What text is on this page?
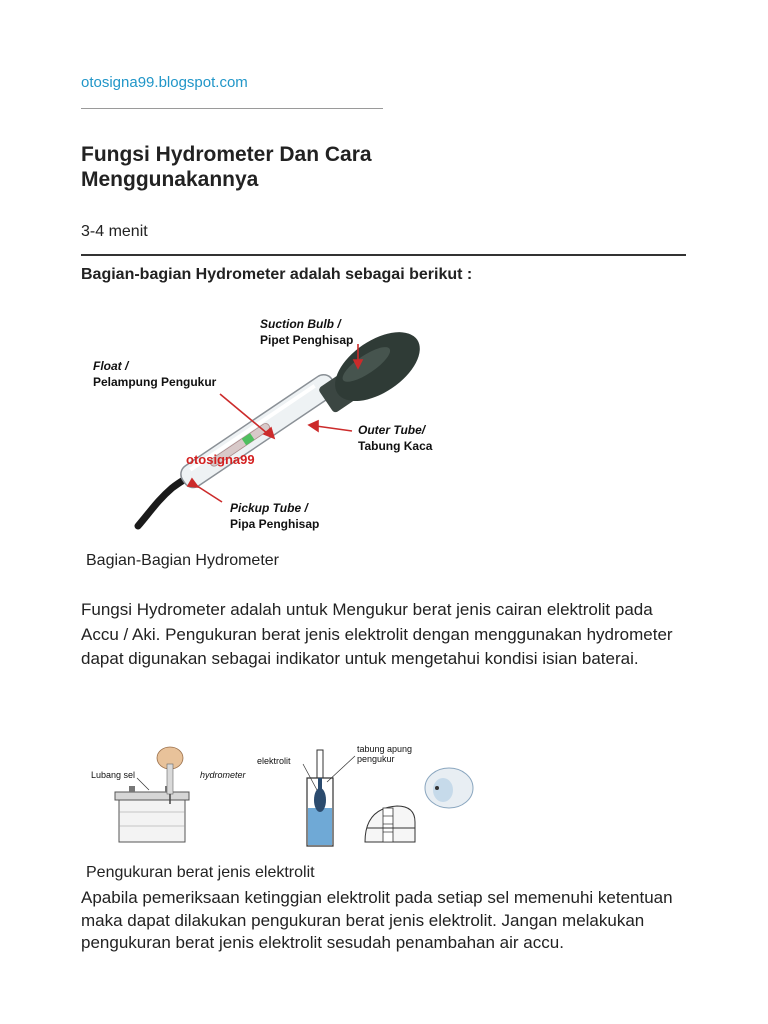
otosigna99.blogspot.com
Fungsi Hydrometer Dan Cara Menggunakannya
3-4 menit
Bagian-bagian Hydrometer adalah sebagai berikut :
Suction Bulb /
Pipet Penghisap
Float /
Pelampung Pengukur
Outer Tube/
Tabung Kaca
otosigna99
Pickup Tube /
Pipa Penghisap
Bagian-Bagian Hydrometer

Fungsi Hydrometer adalah untuk Mengukur berat jenis cairan elektrolit pada Accu / Aki. Pengukuran berat jenis elektrolit dengan menggunakan hydrometer dapat digunakan sebagai indikator untuk mengetahui kondisi isian baterai.

Lubang sel	hydrometer
elektrolit
tabung apung
pengukur
Pengukuran berat jenis elektrolit

Apabila pemeriksaan ketinggian elektrolit pada setiap sel memenuhi ketentuan maka dapat dilakukan pengukuran berat jenis elektrolit. Jangan melakukan pengukuran berat jenis elektrolit sesudah penambahan air accu.
